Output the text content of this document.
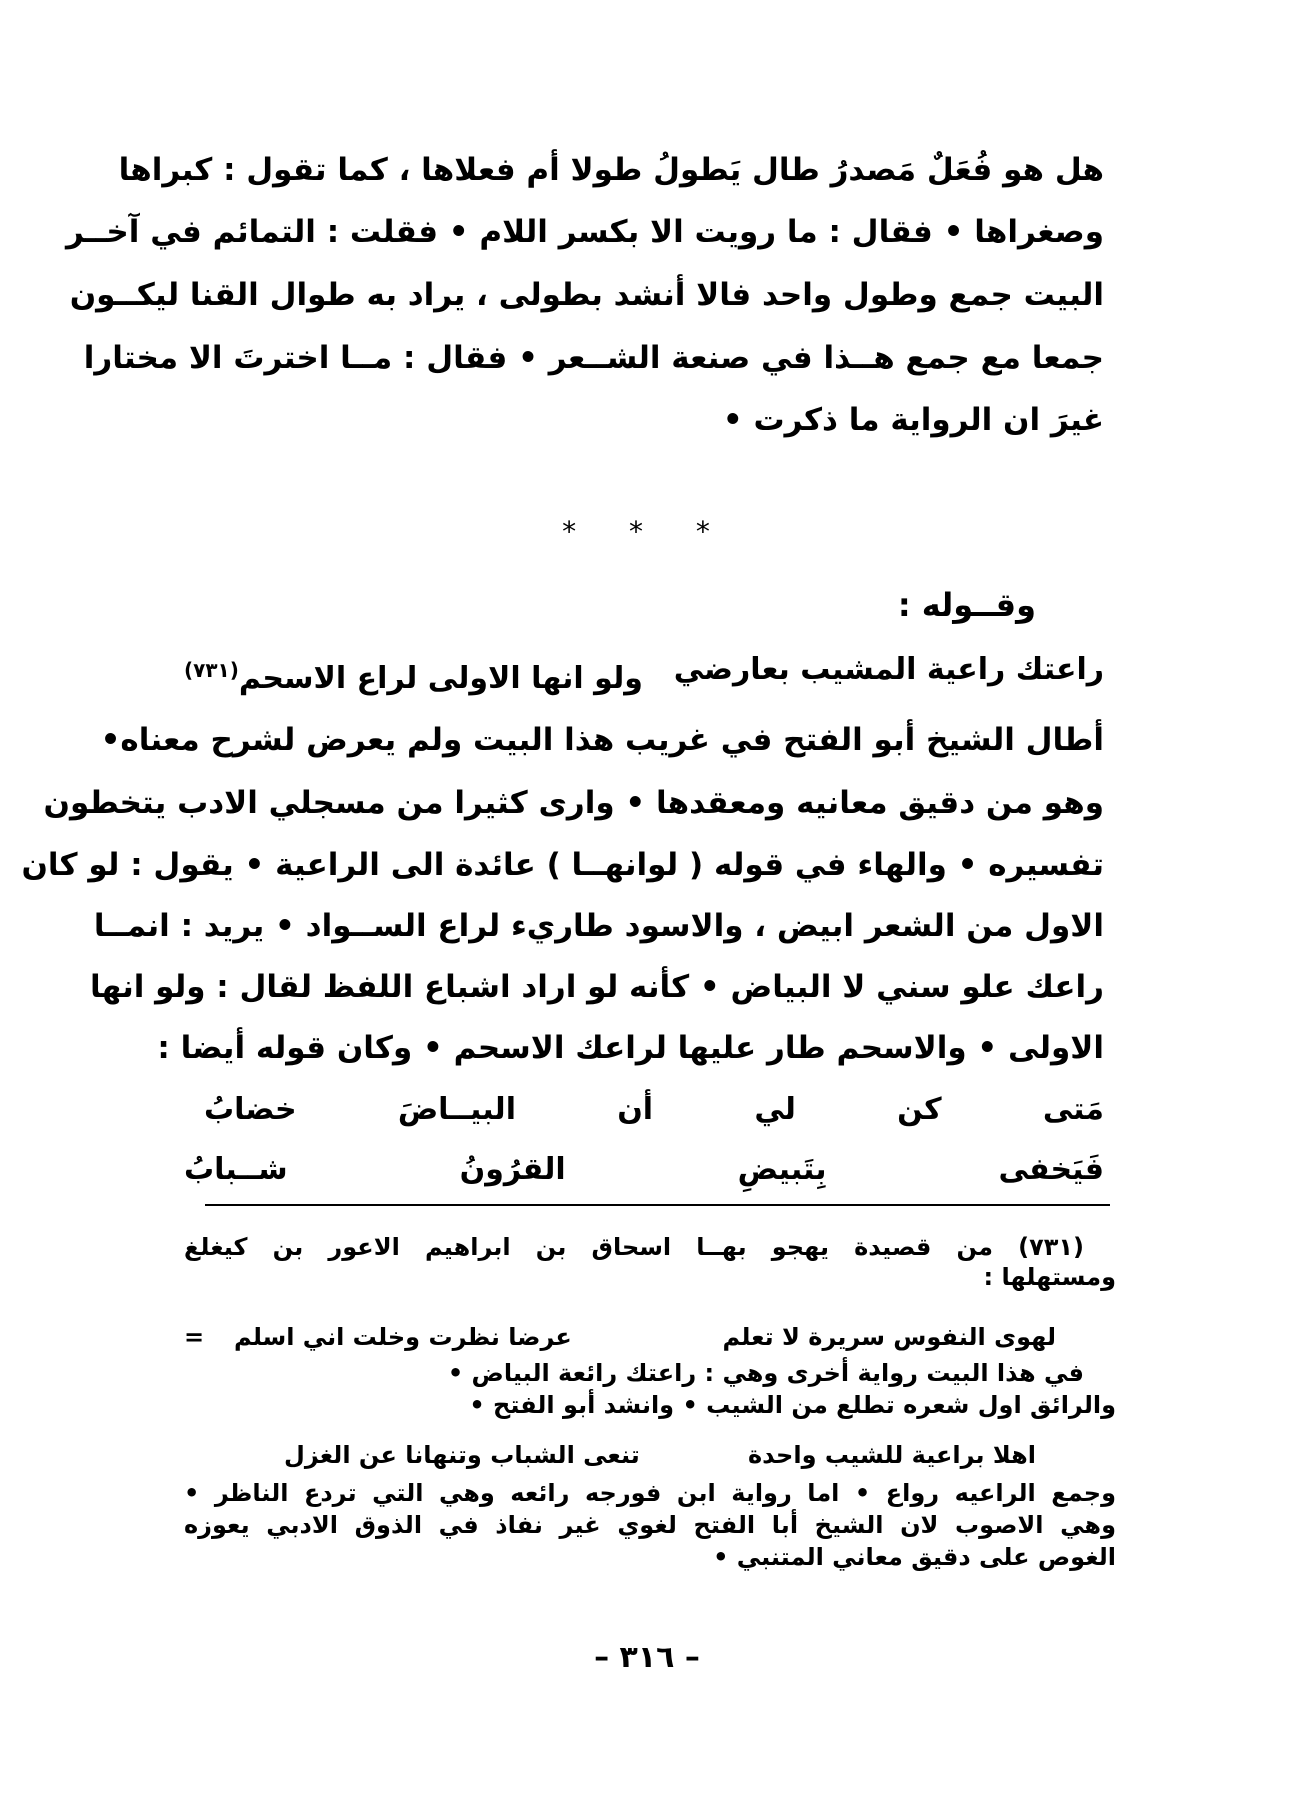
هل هو فُعَلٌ مَصدرُ طال يَطولُ طولا أم فعلاها ، كما تقول : كبراها
وصغراها • فقال : ما رويت الا بكسر اللام • فقلت : التمائم في آخــر
البيت جمع وطول واحد فالا أنشد بطولى ، يراد به طوال القنا ليكــون
جمعا مع جمع هــذا في صنعة الشــعر • فقال : مــا اخترتَ الا مختارا
غيرَ ان الرواية ما ذكرت •
* * *
وقــوله :
راعتك راعية المشيب بعارضي
ولو انها الاولى لراع الاسحم$^{(٧٣١)}$
أطال الشيخ أبو الفتح في غريب هذا البيت ولم يعرض لشرح معناه•
وهو من دقيق معانيه ومعقدها • وارى كثيرا من مسجلي الادب يتخطون
تفسيره • والهاء في قوله ( لوانهــا ) عائدة الى الراعية • يقول : لو كان
الاول من الشعر ابيض ، والاسود طاريء لراع الســواد • يريد : انمــا
راعك علو سني لا البياض • كأنه لو اراد اشباع اللفظ لقال : ولو انها
الاولى • والاسحم طار عليها لراعك الاسحم • وكان قوله أيضا :
مَتى كن لي أن البيــاضَ خضابُ
فَيَخفى بِتَبيضِ القرُونُ شــبابُ
(٧٣١) من قصيدة يهجو بهــا اسحاق بن ابراهيم الاعور بن كيغلغ
ومستهلها :
لهوى النفوس سريرة لا تعلم
عرضا نظرت وخلت اني اسلم
=
في هذا البيت رواية أخرى وهي : راعتك رائعة البياض •
والرائق اول شعره تطلع من الشيب • وانشد أبو الفتح •
اهلا براعية للشيب واحدة
تنعى الشباب وتنهانا عن الغزل
وجمع الراعيه رواع • اما رواية ابن فورجه رائعه وهي التي تردع الناظر •
وهي الاصوب لان الشيخ أبا الفتح لغوي غير نفاذ في الذوق الادبي يعوزه
الغوص على دقيق معاني المتنبي •
– ٣١٦ –
